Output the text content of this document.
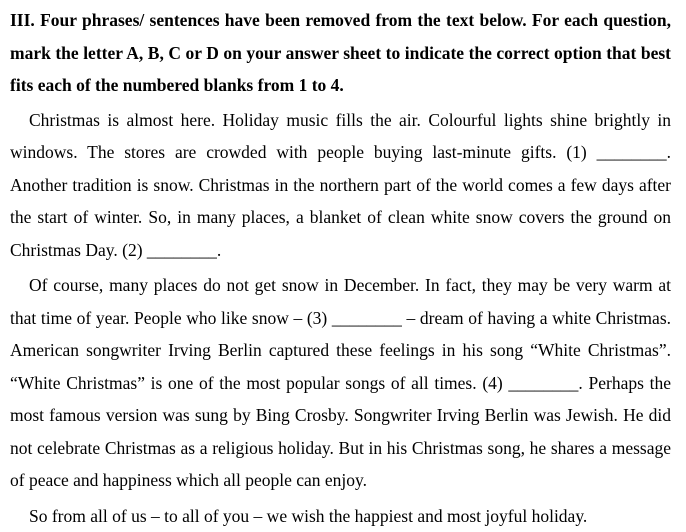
III. Four phrases/ sentences have been removed from the text below. For each question, mark the letter A, B, C or D on your answer sheet to indicate the correct option that best fits each of the numbered blanks from 1 to 4.

Christmas is almost here. Holiday music fills the air. Colourful lights shine brightly in windows. The stores are crowded with people buying last-minute gifts. (1) ________. Another tradition is snow. Christmas in the northern part of the world comes a few days after the start of winter. So, in many places, a blanket of clean white snow covers the ground on Christmas Day. (2) ________.

Of course, many places do not get snow in December. In fact, they may be very warm at that time of year. People who like snow – (3) ________ – dream of having a white Christmas. American songwriter Irving Berlin captured these feelings in his song “White Christmas”. “White Christmas” is one of the most popular songs of all times. (4) ________. Perhaps the most famous version was sung by Bing Crosby. Songwriter Irving Berlin was Jewish. He did not celebrate Christmas as a religious holiday. But in his Christmas song, he shares a message of peace and happiness which all people can enjoy.

So from all of us – to all of you – we wish the happiest and most joyful holiday.
